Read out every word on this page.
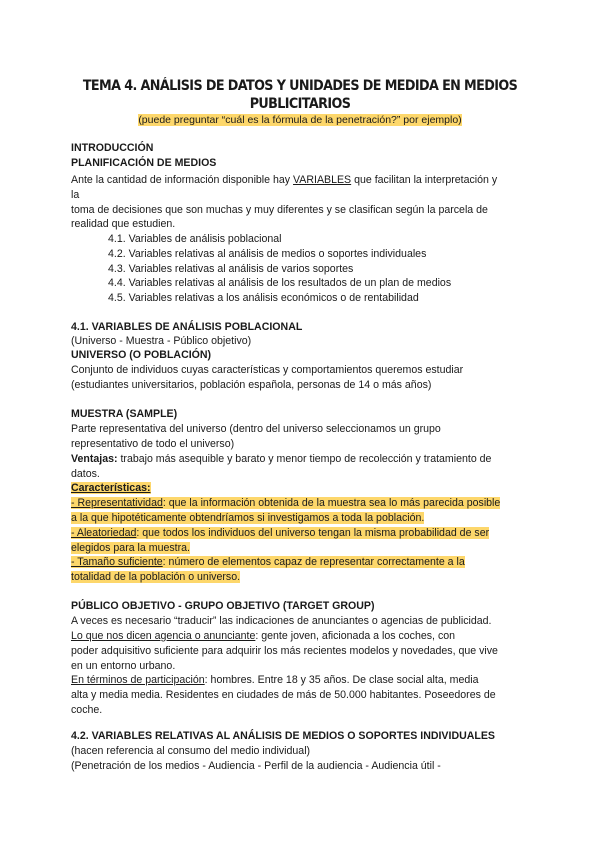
TEMA 4. ANÁLISIS DE DATOS Y UNIDADES DE MEDIDA EN MEDIOS
PUBLICITARIOS
(puede preguntar “cuál es la fórmula de la penetración?” por ejemplo)
INTRODUCCIÓN
PLANIFICACIÓN DE MEDIOS
Ante la cantidad de información disponible hay VARIABLES que facilitan la interpretación y
la
toma de decisiones que son muchas y muy diferentes y se clasifican según la parcela de
realidad que estudien.
4.1. Variables de análisis poblacional
4.2. Variables relativas al análisis de medios o soportes individuales
4.3. Variables relativas al análisis de varios soportes
4.4. Variables relativas al análisis de los resultados de un plan de medios
4.5. Variables relativas a los análisis económicos o de rentabilidad
4.1. VARIABLES DE ANÁLISIS POBLACIONAL
(Universo - Muestra - Público objetivo)
UNIVERSO (O POBLACIÓN)
Conjunto de individuos cuyas características y comportamientos queremos estudiar
(estudiantes universitarios, población española, personas de 14 o más años)
MUESTRA (SAMPLE)
Parte representativa del universo (dentro del universo seleccionamos un grupo
representativo de todo el universo)
Ventajas: trabajo más asequible y barato y menor tiempo de recolección y tratamiento de
datos.
Características:
- Representatividad: que la información obtenida de la muestra sea lo más parecida posible
a la que hipotéticamente obtendríamos si investigamos a toda la población.
- Aleatoriedad: que todos los individuos del universo tengan la misma probabilidad de ser
elegidos para la muestra.
- Tamaño suficiente: número de elementos capaz de representar correctamente a la
totalidad de la población o universo.
PÚBLICO OBJETIVO - GRUPO OBJETIVO (TARGET GROUP)
A veces es necesario “traducir” las indicaciones de anunciantes o agencias de publicidad.
Lo que nos dicen agencia o anunciante: gente joven, aficionada a los coches, con
poder adquisitivo suficiente para adquirir los más recientes modelos y novedades, que vive
en un entorno urbano.
En términos de participación: hombres. Entre 18 y 35 años. De clase social alta, media
alta y media media. Residentes en ciudades de más de 50.000 habitantes. Poseedores de
coche.
4.2. VARIABLES RELATIVAS AL ANÁLISIS DE MEDIOS O SOPORTES INDIVIDUALES
(hacen referencia al consumo del medio individual)
(Penetración de los medios - Audiencia - Perfil de la audiencia - Audiencia útil -
